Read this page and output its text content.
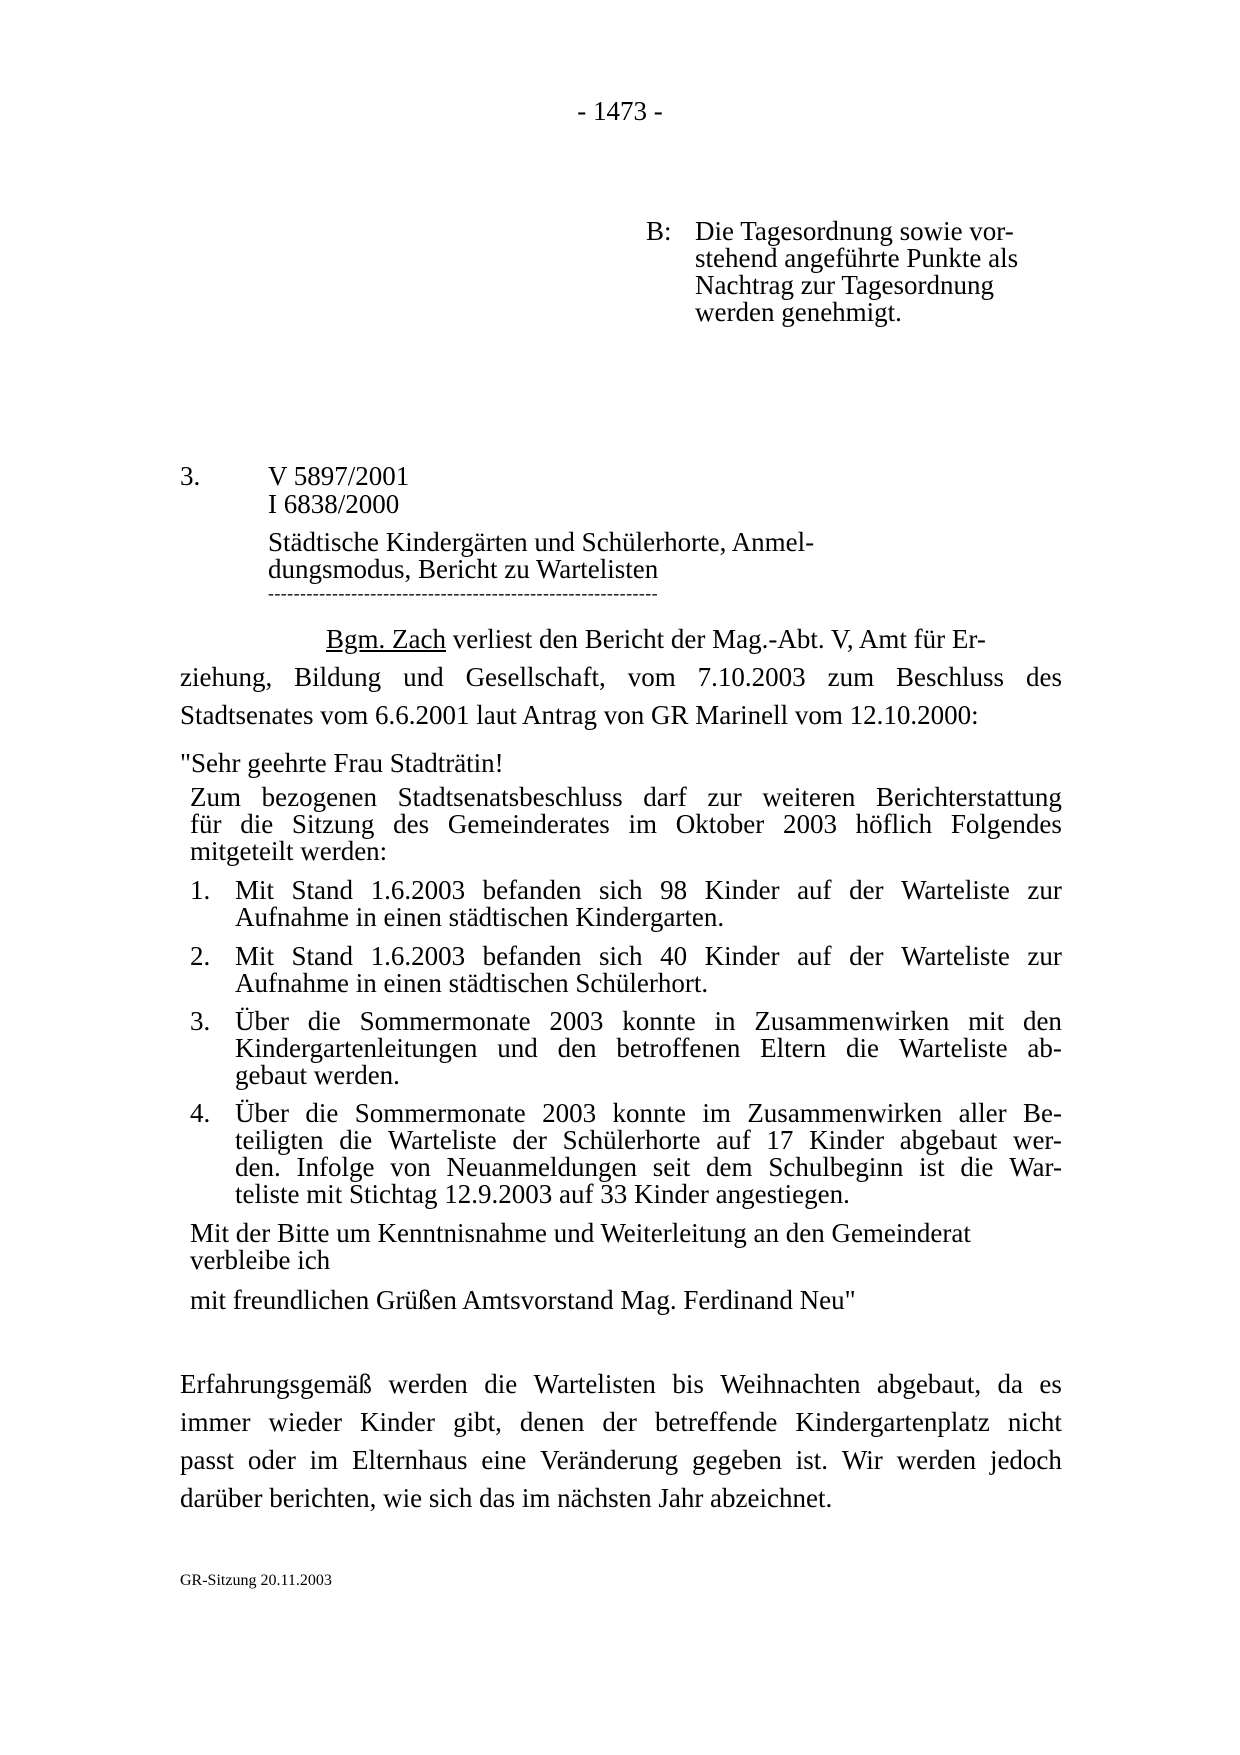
- 1473 -
B: Die Tagesordnung sowie vor-
stehend angeführte Punkte als
Nachtrag zur Tagesordnung
werden genehmigt.
3.	V 5897/2001
I 6838/2000
Städtische Kindergärten und Schülerhorte, Anmel-
dungsmodus, Bericht zu Wartelisten
-------------------------------------------------------------
Bgm. Zach verliest den Bericht der Mag.-Abt. V, Amt für Er-
ziehung, Bildung und Gesellschaft, vom 7.10.2003 zum Beschluss des
Stadtsenates vom 6.6.2001 laut Antrag von GR Marinell vom 12.10.2000:
"Sehr geehrte Frau Stadträtin!
Zum bezogenen Stadtsenatsbeschluss darf zur weiteren Berichterstattung
für die Sitzung des Gemeinderates im Oktober 2003 höflich Folgendes
mitgeteilt werden:
1. Mit Stand 1.6.2003 befanden sich 98 Kinder auf der Warteliste zur
Aufnahme in einen städtischen Kindergarten.
2. Mit Stand 1.6.2003 befanden sich 40 Kinder auf der Warteliste zur
Aufnahme in einen städtischen Schülerhort.
3. Über die Sommermonate 2003 konnte in Zusammenwirken mit den
Kindergartenleitungen und den betroffenen Eltern die Warteliste ab-
gebaut werden.
4. Über die Sommermonate 2003 konnte im Zusammenwirken aller Be-
teiligten die Warteliste der Schülerhorte auf 17 Kinder abgebaut wer-
den. Infolge von Neuanmeldungen seit dem Schulbeginn ist die War-
teliste mit Stichtag 12.9.2003 auf 33 Kinder angestiegen.
Mit der Bitte um Kenntnisnahme und Weiterleitung an den Gemeinderat
verbleibe ich
mit freundlichen Grüßen Amtsvorstand Mag. Ferdinand Neu"
Erfahrungsgemäß werden die Wartelisten bis Weihnachten abgebaut, da es
immer wieder Kinder gibt, denen der betreffende Kindergartenplatz nicht
passt oder im Elternhaus eine Veränderung gegeben ist. Wir werden jedoch
darüber berichten, wie sich das im nächsten Jahr abzeichnet.
GR-Sitzung 20.11.2003
